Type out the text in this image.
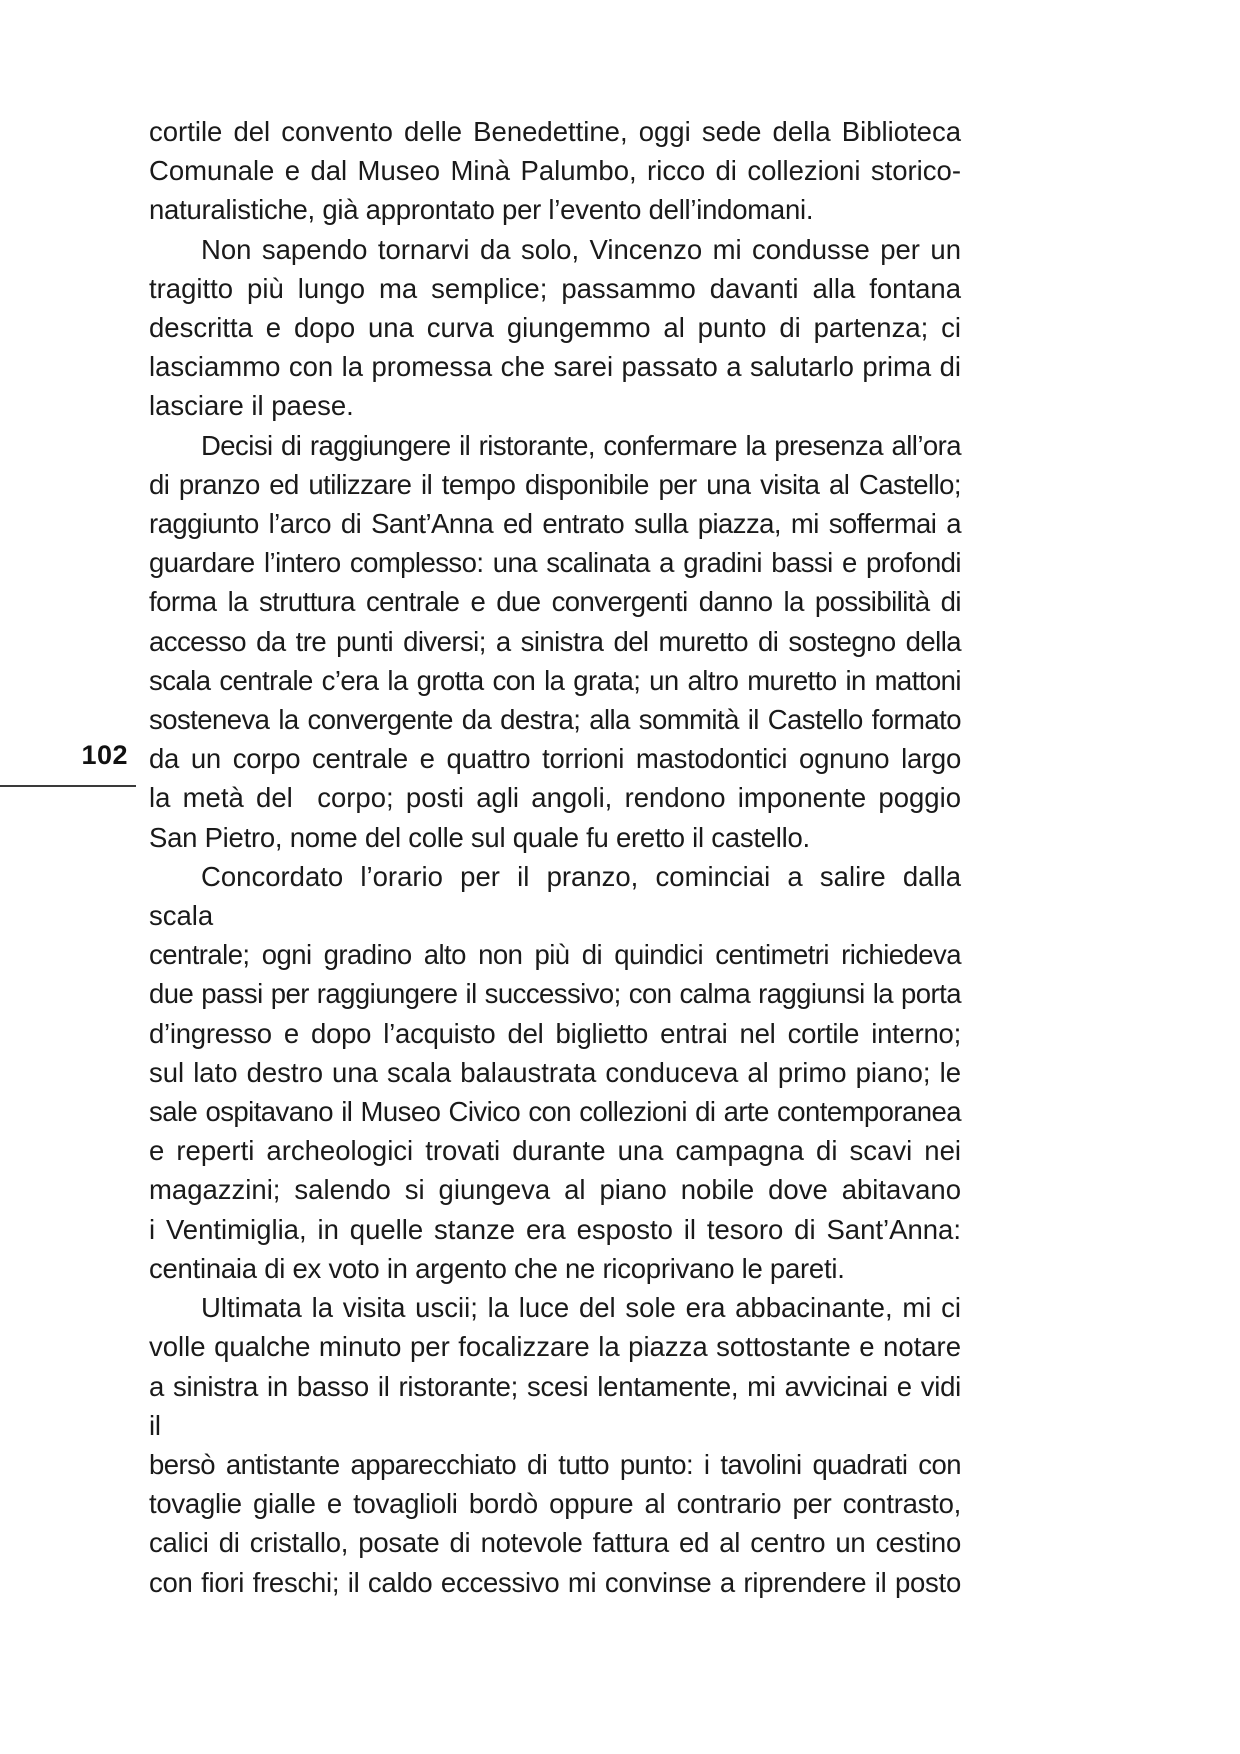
102

cortile del convento delle Benedettine, oggi sede della Biblioteca
Comunale e dal Museo Minà Palumbo, ricco di collezioni storico-
naturalistiche, già approntato per l’evento dell’indomani.

Non sapendo tornarvi da solo, Vincenzo mi condusse per un
tragitto più lungo ma semplice; passammo davanti alla fontana
descritta e dopo una curva giungemmo al punto di partenza; ci
lasciammo con la promessa che sarei passato a salutarlo prima di
lasciare il paese.

Decisi di raggiungere il ristorante, confermare la presenza all’ora
di pranzo ed utilizzare il tempo disponibile per una visita al Castello;
raggiunto l’arco di Sant’Anna ed entrato sulla piazza, mi soffermai a
guardare l’intero complesso: una scalinata a gradini bassi e profondi
forma la struttura centrale e due convergenti danno la possibilità di
accesso da tre punti diversi; a sinistra del muretto di sostegno della
scala centrale c’era la grotta con la grata; un altro muretto in mattoni
sosteneva la convergente da destra; alla sommità il Castello formato
da un corpo centrale e quattro torrioni mastodontici ognuno largo
la metà del  corpo; posti agli angoli, rendono imponente poggio
San Pietro, nome del colle sul quale fu eretto il castello.

Concordato l’orario per il pranzo, cominciai a salire dalla scala
centrale; ogni gradino alto non più di quindici centimetri richiedeva
due passi per raggiungere il successivo; con calma raggiunsi la porta
d’ingresso e dopo l’acquisto del biglietto entrai nel cortile interno;
sul lato destro una scala balaustrata conduceva al primo piano; le
sale ospitavano il Museo Civico con collezioni di arte contemporanea
e reperti archeologici trovati durante una campagna di scavi nei
magazzini; salendo si giungeva al piano nobile dove abitavano
i Ventimiglia, in quelle stanze era esposto il tesoro di Sant’Anna:
centinaia di ex voto in argento che ne ricoprivano le pareti.

Ultimata la visita uscii; la luce del sole era abbacinante, mi ci
volle qualche minuto per focalizzare la piazza sottostante e notare
a sinistra in basso il ristorante; scesi lentamente, mi avvicinai e vidi il
bersò antistante apparecchiato di tutto punto: i tavolini quadrati con
tovaglie gialle e tovaglioli bordò oppure al contrario per contrasto,
calici di cristallo, posate di notevole fattura ed al centro un cestino
con fiori freschi; il caldo eccessivo mi convinse a riprendere il posto
